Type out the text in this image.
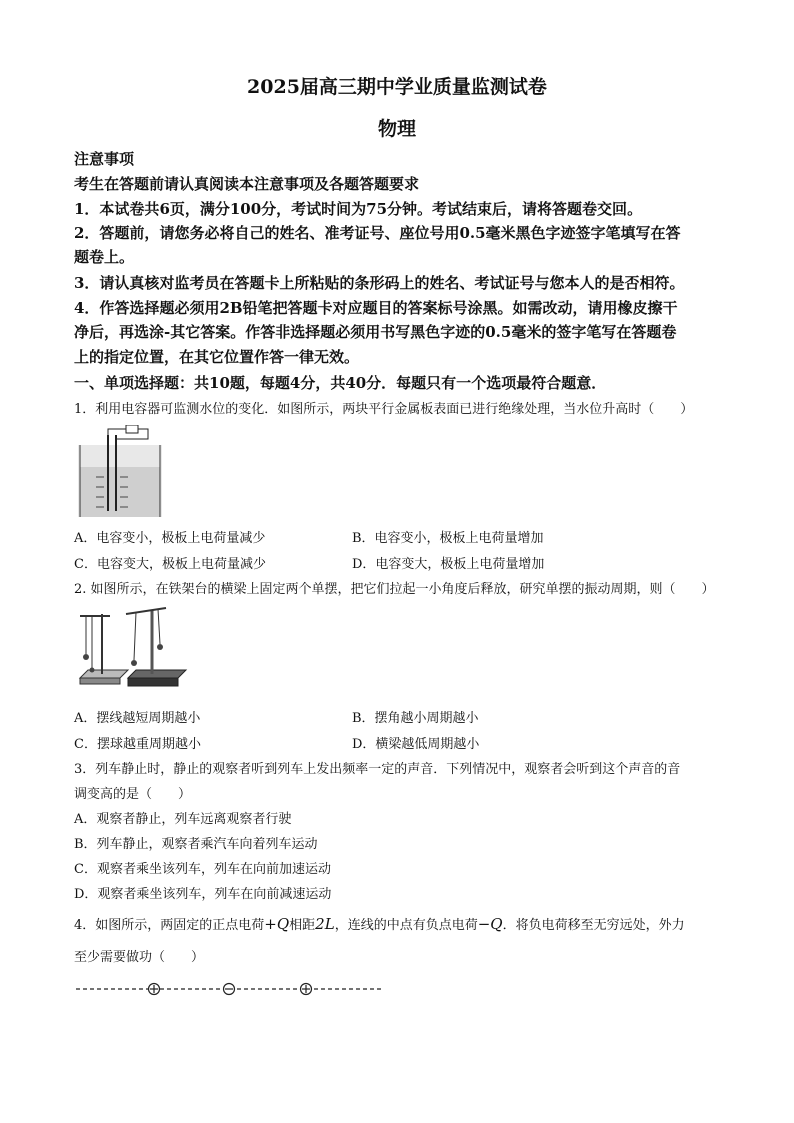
2025届高三期中学业质量监测试卷
物理
注意事项
考生在答题前请认真阅读本注意事项及各题答题要求
1．本试卷共6页，满分100分，考试时间为75分钟。考试结束后，请将答题卷交回。
2．答题前，请您务必将自己的姓名、准考证号、座位号用0.5毫米黑色字迹签字笔填写在答
题卷上。
3．请认真核对监考员在答题卡上所粘贴的条形码上的姓名、考试证号与您本人的是否相符。
4．作答选择题必须用2B铅笔把答题卡对应题目的答案标号涂黑。如需改动，请用橡皮擦干
净后，再选涂-其它答案。作答非选择题必须用书写黑色字迹的0.5毫米的签字笔写在答题卷
上的指定位置，在其它位置作答一律无效。
一、单项选择题：共10题，每题4分，共40分．每题只有一个选项最符合题意．
1．利用电容器可监测水位的变化．如图所示，两块平行金属板表面已进行绝缘处理，当水位升高时（　　）
A．电容变小，极板上电荷量减少	B．电容变小，极板上电荷量增加
C．电容变大，极板上电荷量减少	D．电容变大，极板上电荷量增加
2. 如图所示，在铁架台的横梁上固定两个单摆，把它们拉起一小角度后释放，研究单摆的振动周期，则（　　）
A．摆线越短周期越小	B．摆角越小周期越小
C．摆球越重周期越小	D．横梁越低周期越小
3．列车静止时，静止的观察者听到列车上发出频率一定的声音．下列情况中，观察者会听到这个声音的音
调变高的是（　　）
A．观察者静止，列车远离观察者行驶
B．列车静止，观察者乘汽车向着列车运动
C．观察者乘坐该列车，列车在向前加速运动
D．观察者乘坐该列车，列车在向前减速运动
4．如图所示，两固定的正点电荷+Q相距2L，连线的中点有负点电荷−Q．将负电荷移至无穷远处，外力
至少需要做功（　　）
